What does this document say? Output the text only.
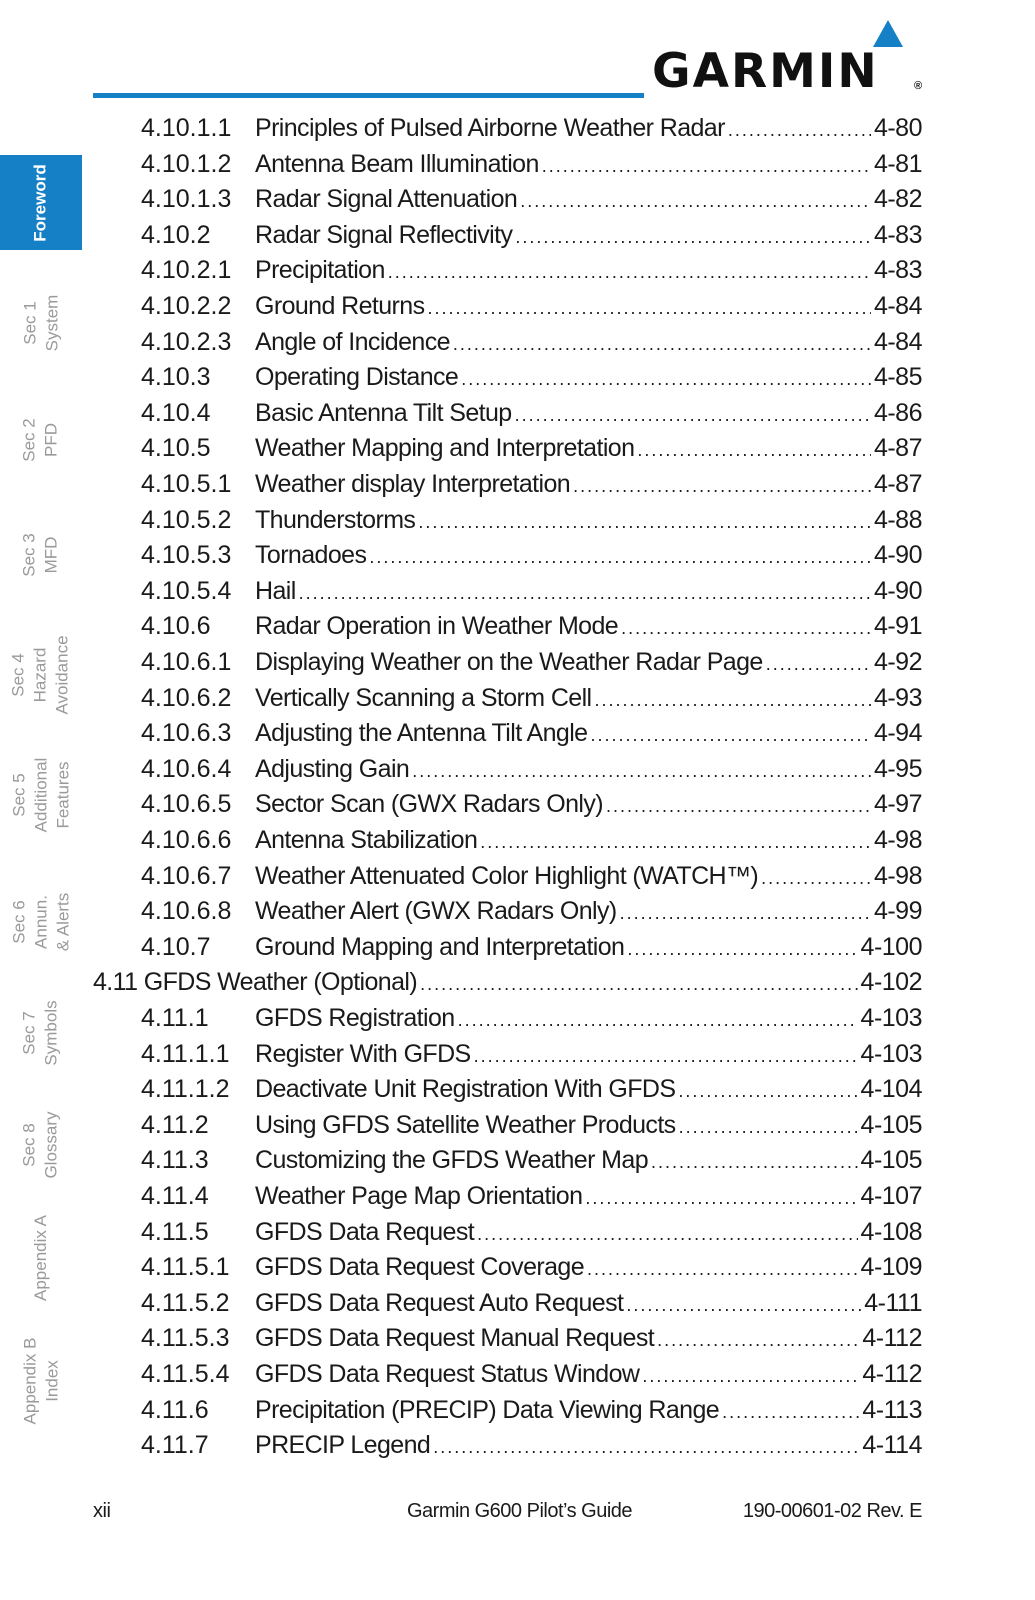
GARMIN	®
Foreword
Sec 1
System
Sec 2
PFD
Sec 3
MFD
Sec 4
Hazard
Avoidance
Sec 5
Additional
Features
Sec 6
Annun.
& Alerts
Sec 7
Symbols
Sec 8
Glossary
Appendix A
Appendix B
Index
4.10.1.1 Principles of Pulsed Airborne Weather Radar .....	4-80
4.10.1.2 Antenna Beam Illumination .....	4-81
4.10.1.3 Radar Signal Attenuation .....	4-82
4.10.2 Radar Signal Reflectivity .....	4-83
4.10.2.1 Precipitation .....	4-83
4.10.2.2 Ground Returns .....	4-84
4.10.2.3 Angle of Incidence .....	4-84
4.10.3 Operating Distance .....	4-85
4.10.4 Basic Antenna Tilt Setup .....	4-86
4.10.5 Weather Mapping and Interpretation .....	4-87
4.10.5.1 Weather display Interpretation .....	4-87
4.10.5.2 Thunderstorms .....	4-88
4.10.5.3 Tornadoes .....	4-90
4.10.5.4 Hail .....	4-90
4.10.6 Radar Operation in Weather Mode .....	4-91
4.10.6.1 Displaying Weather on the Weather Radar Page .....	4-92
4.10.6.2 Vertically Scanning a Storm Cell .....	4-93
4.10.6.3 Adjusting the Antenna Tilt Angle .....	4-94
4.10.6.4 Adjusting Gain .....	4-95
4.10.6.5 Sector Scan (GWX Radars Only) .....	4-97
4.10.6.6 Antenna Stabilization .....	4-98
4.10.6.7 Weather Attenuated Color Highlight (WATCH™) .....	4-98
4.10.6.8 Weather Alert (GWX Radars Only) .....	4-99
4.10.7 Ground Mapping and Interpretation .....	4-100
4.11 GFDS Weather (Optional) .....	4-102
4.11.1 GFDS Registration .....	4-103
4.11.1.1 Register With GFDS .....	4-103
4.11.1.2 Deactivate Unit Registration With GFDS .....	4-104
4.11.2 Using GFDS Satellite Weather Products .....	4-105
4.11.3 Customizing the GFDS Weather Map .....	4-105
4.11.4 Weather Page Map Orientation .....	4-107
4.11.5 GFDS Data Request .....	4-108
4.11.5.1 GFDS Data Request Coverage .....	4-109
4.11.5.2 GFDS Data Request Auto Request .....	4-111
4.11.5.3 GFDS Data Request Manual Request .....	4-112
4.11.5.4 GFDS Data Request Status Window .....	4-112
4.11.6 Precipitation (PRECIP) Data Viewing Range .....	4-113
4.11.7 PRECIP Legend .....	4-114
xii	Garmin G600 Pilot’s Guide	190-00601-02 Rev. E
